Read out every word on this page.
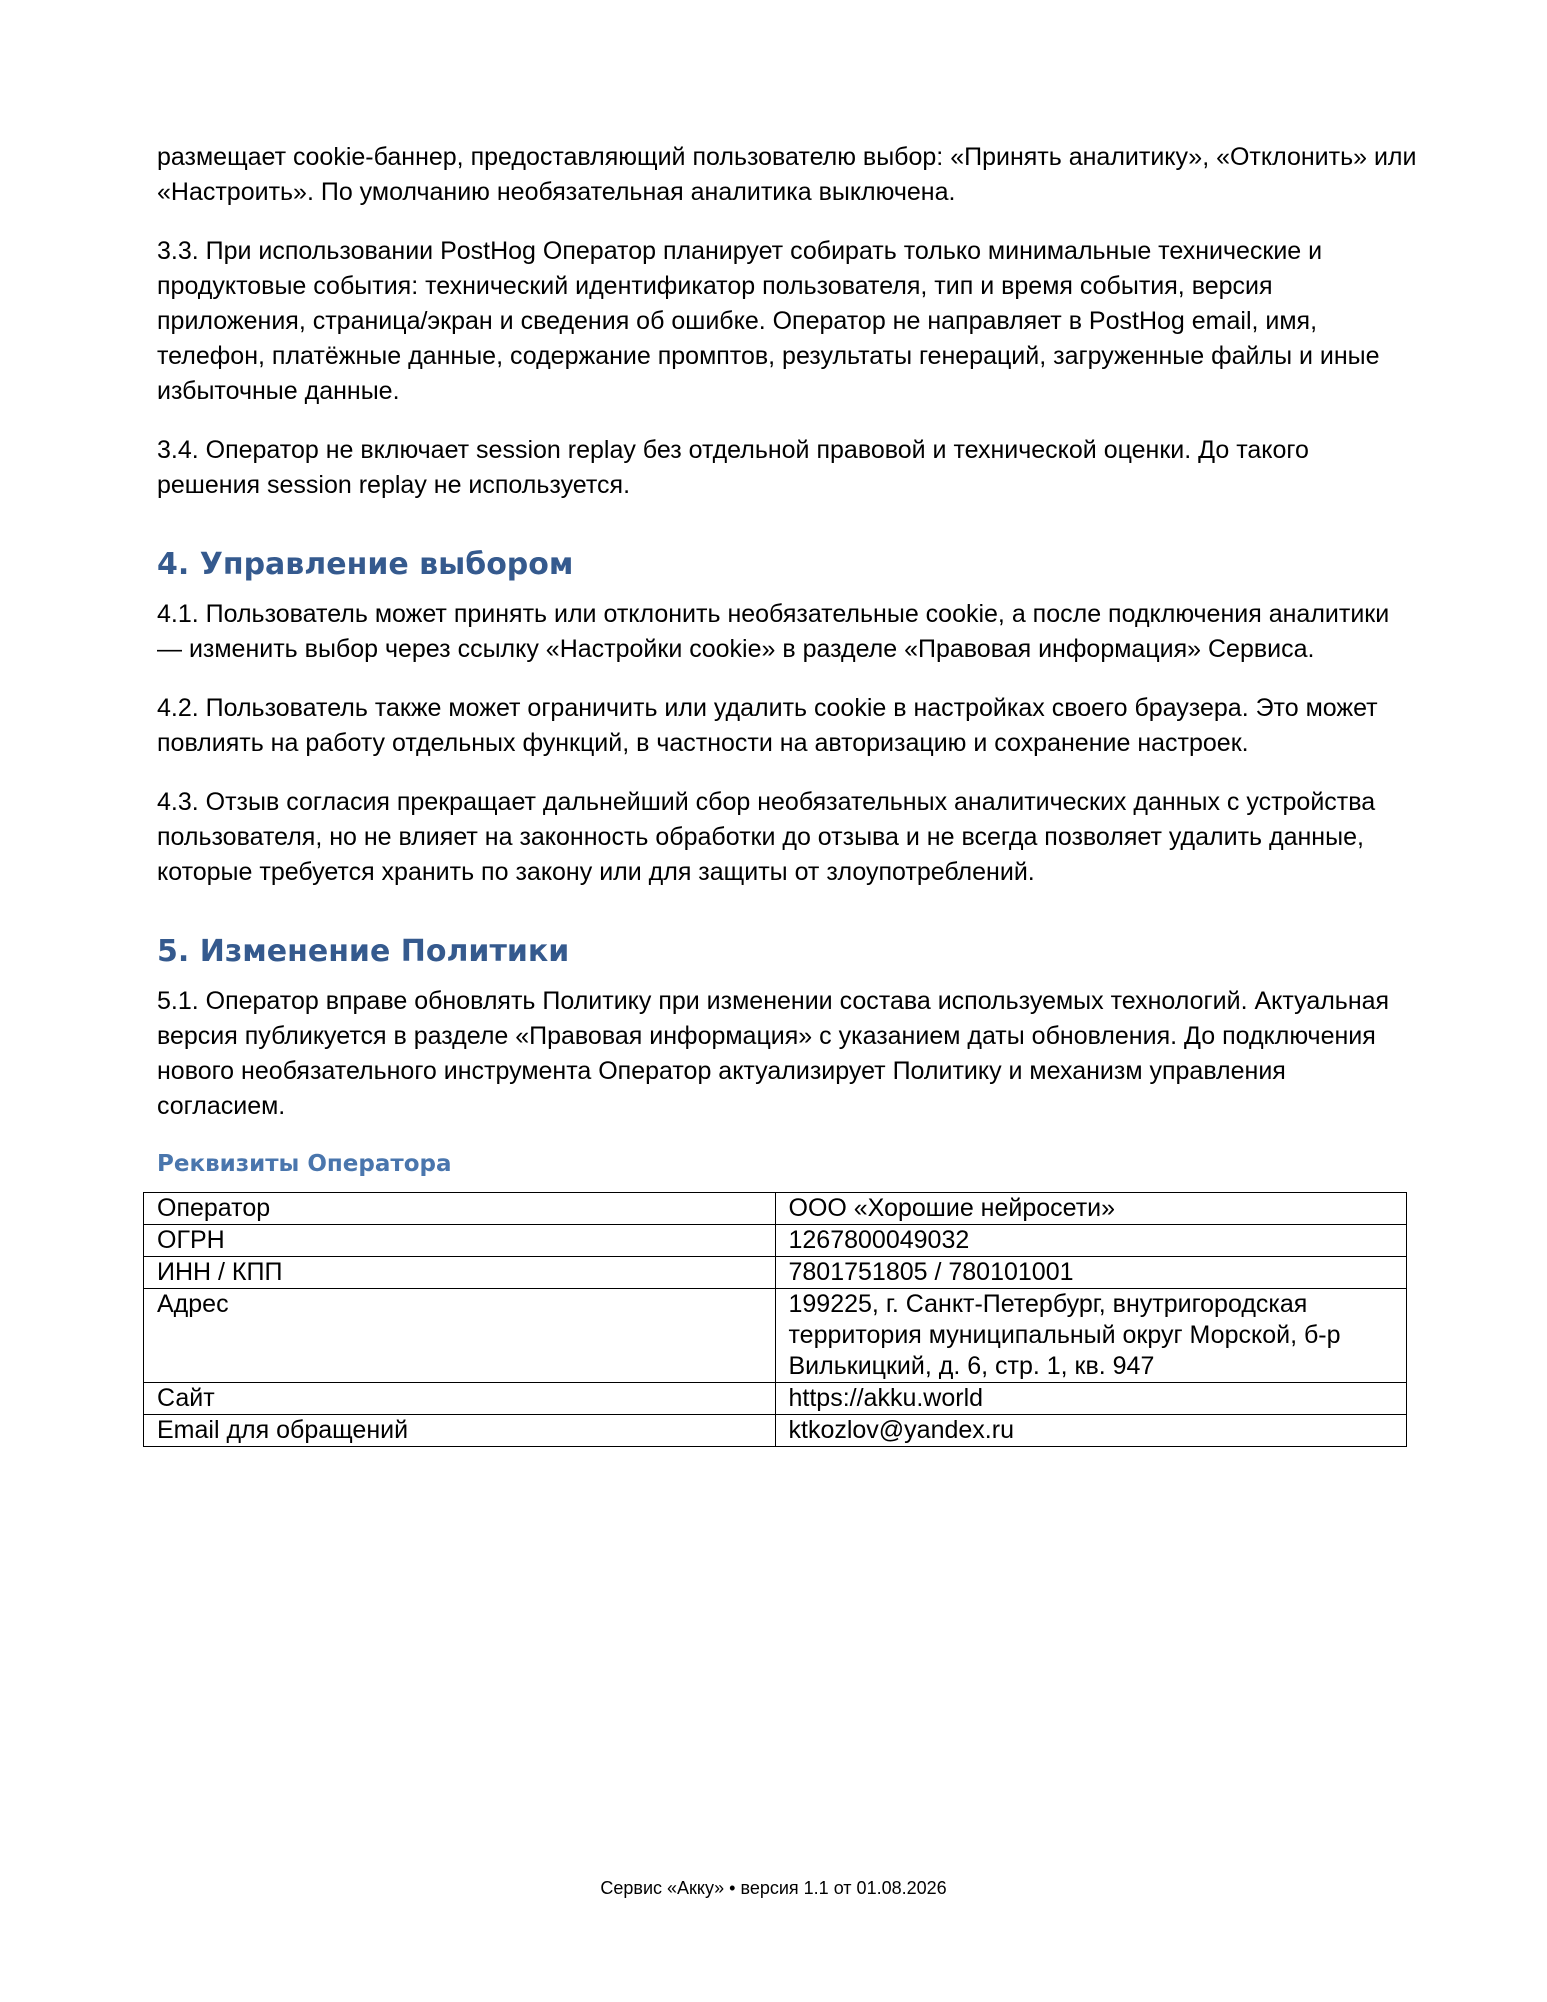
размещает cookie-баннер, предоставляющий пользователю выбор: «Принять аналитику», «Отклонить» или «Настроить». По умолчанию необязательная аналитика выключена.

3.3. При использовании PostHog Оператор планирует собирать только минимальные технические и продуктовые события: технический идентификатор пользователя, тип и время события, версия приложения, страница/экран и сведения об ошибке. Оператор не направляет в PostHog email, имя, телефон, платёжные данные, содержание промптов, результаты генераций, загруженные файлы и иные избыточные данные.

3.4. Оператор не включает session replay без отдельной правовой и технической оценки. До такого решения session replay не используется.

4. Управление выбором

4.1. Пользователь может принять или отклонить необязательные cookie, а после подключения аналитики — изменить выбор через ссылку «Настройки cookie» в разделе «Правовая информация» Сервиса.

4.2. Пользователь также может ограничить или удалить cookie в настройках своего браузера. Это может повлиять на работу отдельных функций, в частности на авторизацию и сохранение настроек.

4.3. Отзыв согласия прекращает дальнейший сбор необязательных аналитических данных с устройства пользователя, но не влияет на законность обработки до отзыва и не всегда позволяет удалить данные, которые требуется хранить по закону или для защиты от злоупотреблений.

5. Изменение Политики

5.1. Оператор вправе обновлять Политику при изменении состава используемых технологий. Актуальная версия публикуется в разделе «Правовая информация» с указанием даты обновления. До подключения нового необязательного инструмента Оператор актуализирует Политику и механизм управления согласием.

Реквизиты Оператора
Оператор	ООО «Хорошие нейросети»
ОГРН	1267800049032
ИНН / КПП	7801751805 / 780101001
Адрес	199225, г. Санкт-Петербург, внутригородская территория муниципальный округ Морской, б-р Вилькицкий, д. 6, стр. 1, кв. 947
Сайт	https://akku.world
Email для обращений	ktkozlov@yandex.ru
Сервис «Акку» • версия 1.1 от 01.08.2026
